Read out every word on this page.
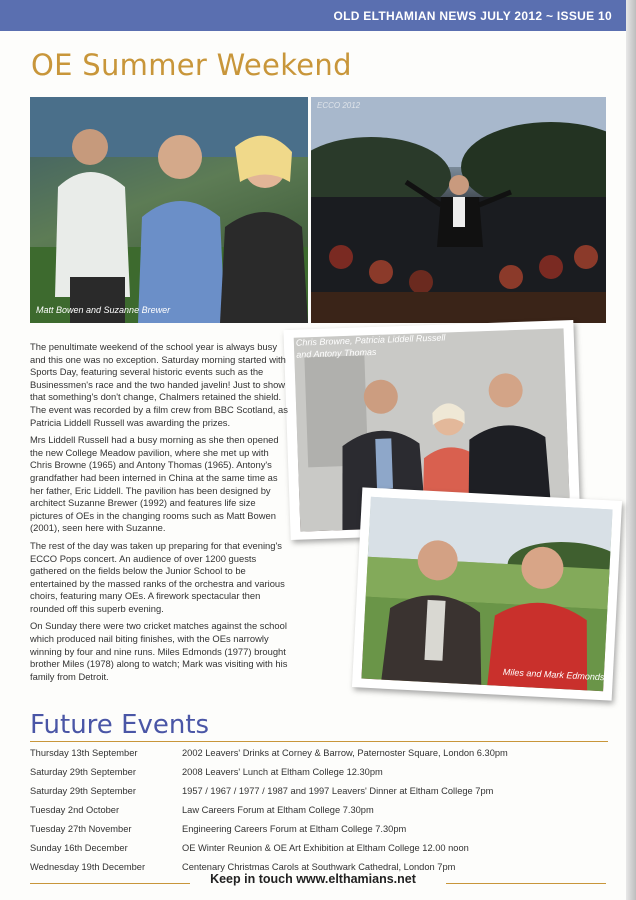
OLD ELTHAMIAN NEWS JULY 2012 ~ ISSUE 10
OE Summer Weekend
Matt Bowen and Suzanne Brewer
ECCO 2012
Chris Browne, Patricia Liddell Russell
and Antony Thomas
Miles and Mark Edmonds

The penultimate weekend of the school year is always busy and this one was no exception. Saturday morning started with Sports Day, featuring several historic events such as the Businessmen's race and the two handed javelin! Just to show that something's don't change, Chalmers retained the shield. The event was recorded by a film crew from BBC Scotland, as Patricia Liddell Russell was awarding the prizes.

Mrs Liddell Russell had a busy morning as she then opened the new College Meadow pavilion, where she met up with Chris Browne (1965) and Antony Thomas (1965). Antony's grandfather had been interned in China at the same time as her father, Eric Liddell. The pavilion has been designed by architect Suzanne Brewer (1992) and features life size pictures of OEs in the changing rooms such as Matt Bowen (2001), seen here with Suzanne.

The rest of the day was taken up preparing for that evening's ECCO Pops concert. An audience of over 1200 guests gathered on the fields below the Junior School to be entertained by the massed ranks of the orchestra and various choirs, featuring many OEs. A firework spectacular then rounded off this superb evening.

On Sunday there were two cricket matches against the school which produced nail biting finishes, with the OEs narrowly winning by four and nine runs. Miles Edmonds (1977) brought brother Miles (1978) along to watch; Mark was visiting with his family from Detroit.

Future Events
Thursday 13th September	2002 Leavers' Drinks at Corney & Barrow, Paternoster Square, London 6.30pm
Saturday 29th September	2008 Leavers' Lunch at Eltham College 12.30pm
Saturday 29th September	1957 / 1967 / 1977 / 1987 and 1997 Leavers' Dinner at Eltham College 7pm
Tuesday 2nd October	Law Careers Forum at Eltham College 7.30pm
Tuesday 27th November	Engineering Careers Forum at Eltham College 7.30pm
Sunday 16th December	OE Winter Reunion & OE Art Exhibition at Eltham College 12.00 noon
Wednesday 19th December	Centenary Christmas Carols at Southwark Cathedral, London 7pm
Keep in touch www.elthamians.net
